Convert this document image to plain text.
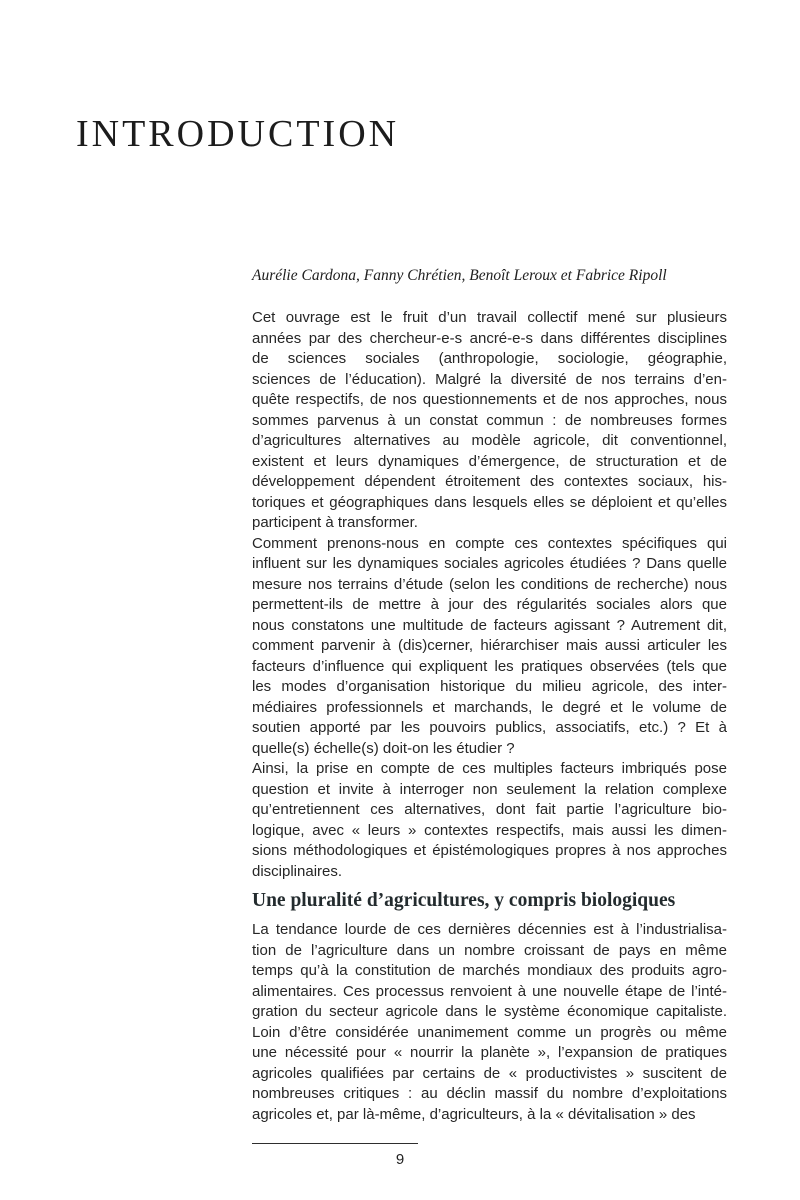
INTRODUCTION

Aurélie Cardona, Fanny Chrétien, Benoît Leroux et Fabrice Ripoll

Cet ouvrage est le fruit d’un travail collectif mené sur plusieurs
années par des chercheur-e-s ancré-e-s dans différentes disciplines
de sciences sociales (anthropologie, sociologie, géographie,
sciences de l’éducation). Malgré la diversité de nos terrains d’en-
quête respectifs, de nos questionnements et de nos approches, nous
sommes parvenus à un constat commun : de nombreuses formes
d’agricultures alternatives au modèle agricole, dit conventionnel,
existent et leurs dynamiques d’émergence, de structuration et de
développement dépendent étroitement des contextes sociaux, his-
toriques et géographiques dans lesquels elles se déploient et qu’elles
participent à transformer.
Comment prenons-nous en compte ces contextes spécifiques qui
influent sur les dynamiques sociales agricoles étudiées ? Dans quelle
mesure nos terrains d’étude (selon les conditions de recherche) nous
permettent-ils de mettre à jour des régularités sociales alors que
nous constatons une multitude de facteurs agissant ? Autrement dit,
comment parvenir à (dis)cerner, hiérarchiser mais aussi articuler les
facteurs d’influence qui expliquent les pratiques observées (tels que
les modes d’organisation historique du milieu agricole, des inter-
médiaires professionnels et marchands, le degré et le volume de
soutien apporté par les pouvoirs publics, associatifs, etc.) ? Et à
quelle(s) échelle(s) doit-on les étudier ?
Ainsi, la prise en compte de ces multiples facteurs imbriqués pose
question et invite à interroger non seulement la relation complexe
qu’entretiennent ces alternatives, dont fait partie l’agriculture bio-
logique, avec « leurs » contextes respectifs, mais aussi les dimen-
sions méthodologiques et épistémologiques propres à nos approches
disciplinaires.
Une pluralité d’agricultures, y compris biologiques
La tendance lourde de ces dernières décennies est à l’industrialisa-
tion de l’agriculture dans un nombre croissant de pays en même
temps qu’à la constitution de marchés mondiaux des produits agro-
alimentaires. Ces processus renvoient à une nouvelle étape de l’inté-
gration du secteur agricole dans le système économique capitaliste.
Loin d’être considérée unanimement comme un progrès ou même
une nécessité pour « nourrir la planète », l’expansion de pratiques
agricoles qualifiées par certains de « productivistes » suscitent de
nombreuses critiques : au déclin massif du nombre d’exploitations
agricoles et, par là-même, d’agriculteurs, à la « dévitalisation » des
9
